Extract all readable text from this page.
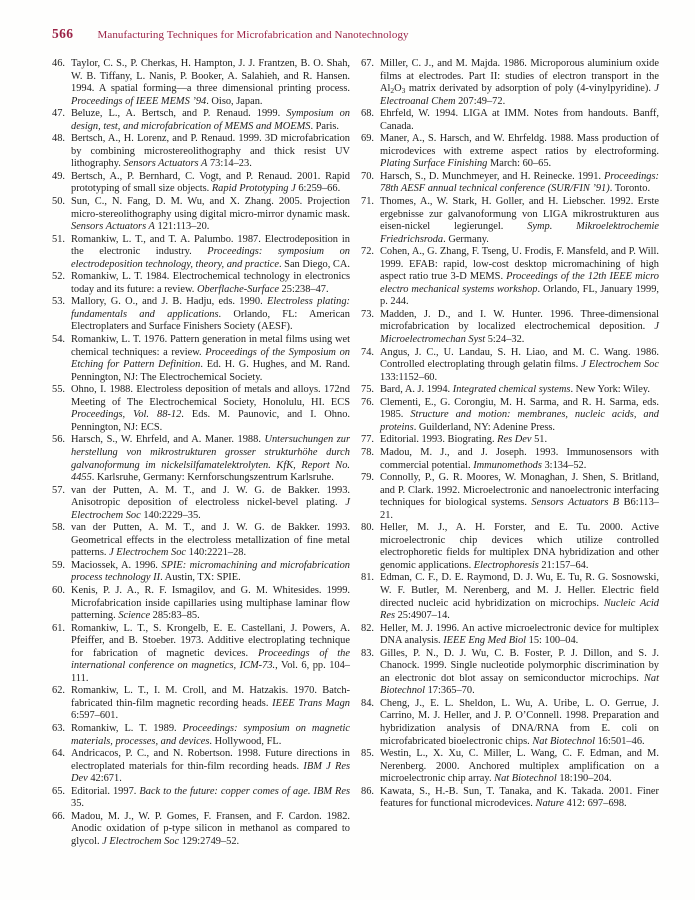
566 Manufacturing Techniques for Microfabrication and Nanotechnology
46. Taylor, C. S., P. Cherkas, H. Hampton, J. J. Frantzen, B. O. Shah, W. B. Tiffany, L. Nanis, P. Booker, A. Salahieh, and R. Hansen. 1994. A spatial forming—a three dimensional printing process. Proceedings of IEEE MEMS ’94. Oiso, Japan.
47. Beluze, L., A. Bertsch, and P. Renaud. 1999. Symposium on design, test, and microfabrication of MEMS and MOEMS. Paris.
48. Bertsch, A., H. Lorenz, and P. Renaud. 1999. 3D microfabrication by combining microstereolithography and thick resist UV lithography. Sensors Actuators A 73:14–23.
49. Bertsch, A., P. Bernhard, C. Vogt, and P. Renaud. 2001. Rapid prototyping of small size objects. Rapid Prototyping J 6:259–66.
50. Sun, C., N. Fang, D. M. Wu, and X. Zhang. 2005. Projection micro-stereolithography using digital micro-mirror dynamic mask. Sensors Actuators A 121:113–20.
51. Romankiw, L. T., and T. A. Palumbo. 1987. Electrodeposition in the electronic industry. Proceedings: symposium on electrodeposition technology, theory, and practice. San Diego, CA.
52. Romankiw, L. T. 1984. Electrochemical technology in electronics today and its future: a review. Oberflache-Surface 25:238–47.
53. Mallory, G. O., and J. B. Hadju, eds. 1990. Electroless plating: fundamentals and applications. Orlando, FL: American Electroplaters and Surface Finishers Society (AESF).
54. Romankiw, L. T. 1976. Pattern generation in metal films using wet chemical techniques: a review. Proceedings of the Symposium on Etching for Pattern Definition. Ed. H. G. Hughes, and M. Rand. Pennington, NJ: The Electrochemical Society.
55. Ohno, I. 1988. Electroless deposition of metals and alloys. 172nd Meeting of The Electrochemical Society, Honolulu, HI. ECS Proceedings, Vol. 88-12. Eds. M. Paunovic, and I. Ohno. Pennington, NJ: ECS.
56. Harsch, S., W. Ehrfeld, and A. Maner. 1988. Untersuchungen zur herstellung von mikrostrukturen grosser strukturhöhe durch galvanoformung im nickelsilfamatelektrolyten. KfK, Report No. 4455. Karlsruhe, Germany: Kernforschungszentrum Karlsruhe.
57. van der Putten, A. M. T., and J. W. G. de Bakker. 1993. Anisotropic deposition of electroless nickel-bevel plating. J Electrochem Soc 140:2229–35.
58. van der Putten, A. M. T., and J. W. G. de Bakker. 1993. Geometrical effects in the electroless metallization of fine metal patterns. J Electrochem Soc 140:2221–28.
59. Maciossek, A. 1996. SPIE: micromachining and microfabrication process technology II. Austin, TX: SPIE.
60. Kenis, P. J. A., R. F. Ismagilov, and G. M. Whitesides. 1999. Microfabrication inside capillaries using multiphase laminar flow patterning. Science 285:83–85.
61. Romankiw, L. T., S. Krongelb, E. E. Castellani, J. Powers, A. Pfeiffer, and B. Stoeber. 1973. Additive electroplating technique for fabrication of magnetic devices. Proceedings of the international conference on magnetics, ICM-73., Vol. 6, pp. 104–111.
62. Romankiw, L. T., I. M. Croll, and M. Hatzakis. 1970. Batch-fabricated thin-film magnetic recording heads. IEEE Trans Magn 6:597–601.
63. Romankiw, L. T. 1989. Proceedings: symposium on magnetic materials, processes, and devices. Hollywood, FL.
64. Andricacos, P. C., and N. Robertson. 1998. Future directions in electroplated materials for thin-film recording heads. IBM J Res Dev 42:671.
65. Editorial. 1997. Back to the future: copper comes of age. IBM Res 35.
66. Madou, M. J., W. P. Gomes, F. Fransen, and F. Cardon. 1982. Anodic oxidation of p-type silicon in methanol as compared to glycol. J Electrochem Soc 129:2749–52.
67. Miller, C. J., and M. Majda. 1986. Microporous aluminium oxide films at electrodes. Part II: studies of electron transport in the $Al_2O_3$ matrix derivated by adsorption of poly (4-vinylpyridine). J Electroanal Chem 207:49–72.
68. Ehrfeld, W. 1994. LIGA at IMM. Notes from handouts. Banff, Canada.
69. Maner, A., S. Harsch, and W. Ehrfeldg. 1988. Mass production of microdevices with extreme aspect ratios by electroforming. Plating Surface Finishing March: 60–65.
70. Harsch, S., D. Munchmeyer, and H. Reinecke. 1991. Proceedings: 78th AESF annual technical conference (SUR/FIN ’91). Toronto.
71. Thomes, A., W. Stark, H. Goller, and H. Liebscher. 1992. Erste ergebnisse zur galvanoformung von LIGA mikrostrukturen aus eisen-nickel legierungel. Symp. Mikroelektrochemie Friedrichsroda. Germany.
72. Cohen, A., G. Zhang, F. Tseng, U. Frodis, F. Mansfeld, and P. Will. 1999. EFAB: rapid, low-cost desktop micromachining of high aspect ratio true 3-D MEMS. Proceedings of the 12th IEEE micro electro mechanical systems workshop. Orlando, FL, January 1999, p. 244.
73. Madden, J. D., and I. W. Hunter. 1996. Three-dimensional microfabrication by localized electrochemical deposition. J Microelectromechan Syst 5:24–32.
74. Angus, J. C., U. Landau, S. H. Liao, and M. C. Wang. 1986. Controlled electroplating through gelatin films. J Electrochem Soc 133:1152–60.
75. Bard, A. J. 1994. Integrated chemical systems. New York: Wiley.
76. Clementi, E., G. Corongiu, M. H. Sarma, and R. H. Sarma, eds. 1985. Structure and motion: membranes, nucleic acids, and proteins. Guilderland, NY: Adenine Press.
77. Editorial. 1993. Biograting. Res Dev 51.
78. Madou, M. J., and J. Joseph. 1993. Immunosensors with commercial potential. Immunomethods 3:134–52.
79. Connolly, P., G. R. Moores, W. Monaghan, J. Shen, S. Britland, and P. Clark. 1992. Microelectronic and nanoelectronic interfacing techniques for biological systems. Sensors Actuators B B6:113–21.
80. Heller, M. J., A. H. Forster, and E. Tu. 2000. Active microelectronic chip devices which utilize controlled electrophoretic fields for multiplex DNA hybridization and other genomic applications. Electrophoresis 21:157–64.
81. Edman, C. F., D. E. Raymond, D. J. Wu, E. Tu, R. G. Sosnowski, W. F. Butler, M. Nerenberg, and M. J. Heller. Electric field directed nucleic acid hybridization on microchips. Nucleic Acid Res 25:4907–14.
82. Heller, M. J. 1996. An active microelectronic device for multiplex DNA analysis. IEEE Eng Med Biol 15: 100–04.
83. Gilles, P. N., D. J. Wu, C. B. Foster, P. J. Dillon, and S. J. Chanock. 1999. Single nucleotide polymorphic discrimination by an electronic dot blot assay on semiconductor microchips. Nat Biotechnol 17:365–70.
84. Cheng, J., E. L. Sheldon, L. Wu, A. Uribe, L. O. Gerrue, J. Carrino, M. J. Heller, and J. P. O’Connell. 1998. Preparation and hybridization analysis of DNA/RNA from E. coli on microfabricated bioelectronic chips. Nat Biotechnol 16:501–46.
85. Westin, L., X. Xu, C. Miller, L. Wang, C. F. Edman, and M. Nerenberg. 2000. Anchored multiplex amplification on a microelectronic chip array. Nat Biotechnol 18:190–204.
86. Kawata, S., H.-B. Sun, T. Tanaka, and K. Takada. 2001. Finer features for functional microdevices. Nature 412: 697–698.
